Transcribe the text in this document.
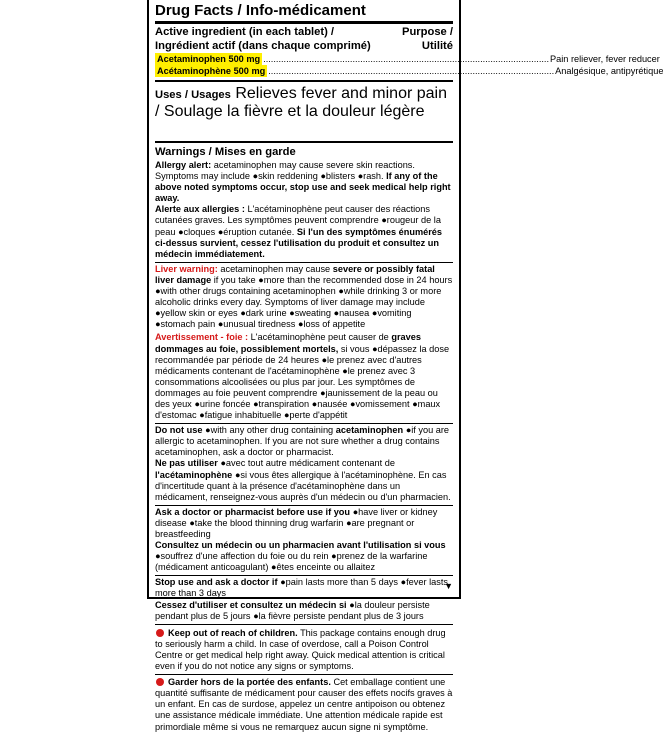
Drug Facts / Info-médicament
Active ingredient (in each tablet) /
Ingrédient actif (dans chaque comprimé)
Purpose /
Utilité
Acetaminophen 500 mg .....	Pain reliever, fever reducer
Acétaminophène 500 mg .....	Analgésique, antipyrétique

Uses / Usages Relieves fever and minor pain / Soulage la fièvre et la douleur légère

Warnings / Mises en garde

Allergy alert: acetaminophen may cause severe skin reactions. Symptoms may include ●skin reddening ●blisters ●rash. If any of the above noted symptoms occur, stop use and seek medical help right away.

Alerte aux allergies : L'acétaminophène peut causer des réactions cutanées graves. Les symptômes peuvent comprendre ●rougeur de la peau ●cloques ●éruption cutanée. Si l'un des symptômes énumérés ci-dessus survient, cessez l'utilisation du produit et consultez un médecin immédiatement.

Liver warning: acetaminophen may cause severe or possibly fatal liver damage if you take ●more than the recommended dose in 24 hours ●with other drugs containing acetaminophen ●while drinking 3 or more alcoholic drinks every day. Symptoms of liver damage may include ●yellow skin or eyes ●dark urine ●sweating ●nausea ●vomiting ●stomach pain ●unusual tiredness ●loss of appetite

Avertissement - foie : L'acétaminophène peut causer de graves dommages au foie, possiblement mortels, si vous ●dépassez la dose recommandée par période de 24 heures ●le prenez avec d'autres médicaments contenant de l'acétaminophène ●le prenez avec 3 consommations alcoolisées ou plus par jour. Les symptômes de dommages au foie peuvent comprendre ●jaunissement de la peau ou des yeux ●urine foncée ●transpiration ●nausée ●vomissement ●maux d'estomac ●fatigue inhabituelle ●perte d'appétit

Do not use ●with any other drug containing acetaminophen ●if you are allergic to acetaminophen. If you are not sure whether a drug contains acetaminophen, ask a doctor or pharmacist.

Ne pas utiliser ●avec tout autre médicament contenant de l'acétaminophène ●si vous êtes allergique à l'acétaminophène. En cas d'incertitude quant à la présence d'acétaminophène dans un médicament, renseignez-vous auprès d'un médecin ou d'un pharmacien.

Ask a doctor or pharmacist before use if you ●have liver or kidney disease ●take the blood thinning drug warfarin ●are pregnant or breastfeeding

Consultez un médecin ou un pharmacien avant l'utilisation si vous ●souffrez d'une affection du foie ou du rein ●prenez de la warfarine (médicament anticoagulant) ●êtes enceinte ou allaitez

Stop use and ask a doctor if ●pain lasts more than 5 days ●fever lasts more than 3 days

Cessez d'utiliser et consultez un médecin si ●la douleur persiste pendant plus de 5 jours ●la fièvre persiste pendant plus de 3 jours

Keep out of reach of children. This package contains enough drug to seriously harm a child. In case of overdose, call a Poison Control Centre or get medical help right away. Quick medical attention is critical even if you do not notice any signs or symptoms.

Garder hors de la portée des enfants. Cet emballage contient une quantité suffisante de médicament pour causer des effets nocifs graves à un enfant. En cas de surdose, appelez un centre antipoison ou obtenez une assistance médicale immédiate. Une attention médicale rapide est primordiale même si vous ne remarquez aucun signe ni symptôme.

▼
